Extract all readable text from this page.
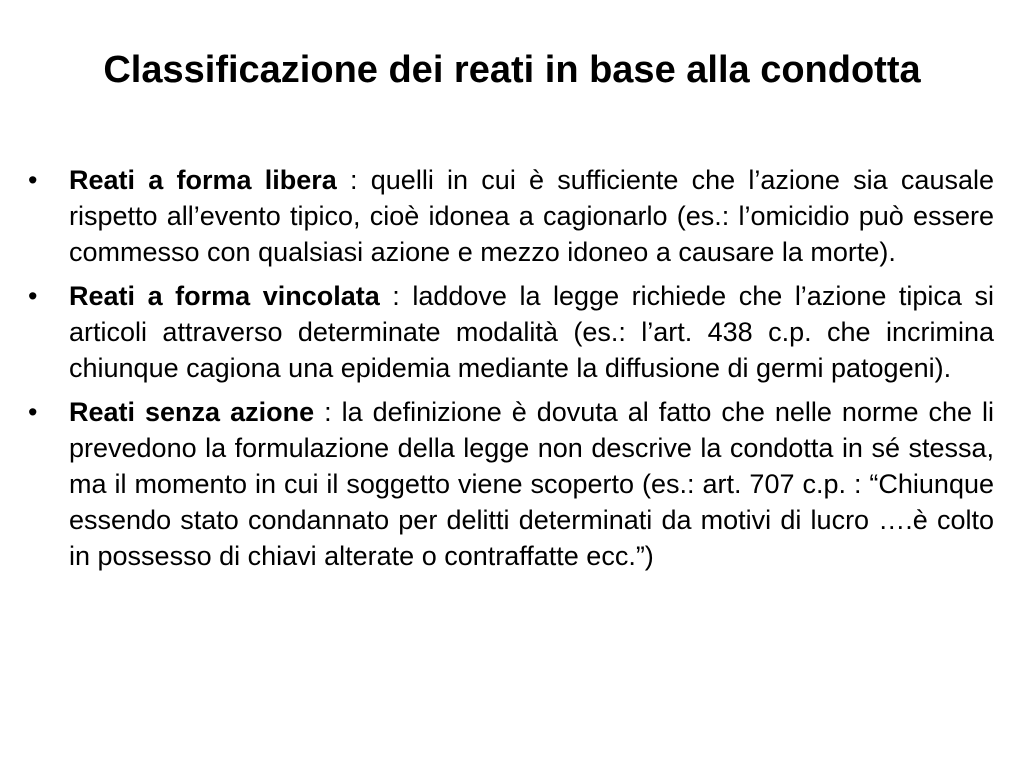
Classificazione dei reati in base alla condotta
•	Reati a forma libera : quelli in cui è sufficiente che l’azione sia causale rispetto all’evento tipico, cioè idonea a cagionarlo (es.: l’omicidio può essere commesso con qualsiasi azione e mezzo idoneo a causare la morte).
•	Reati a forma vincolata : laddove la legge richiede che l’azione tipica si articoli attraverso determinate modalità (es.: l’art. 438 c.p. che incrimina chiunque cagiona una epidemia mediante la diffusione di germi patogeni).
•	Reati senza azione : la definizione è dovuta al fatto che nelle norme che li prevedono la formulazione della legge non descrive la condotta in sé stessa, ma il momento in cui il soggetto viene scoperto (es.: art. 707 c.p. : “Chiunque essendo stato condannato per delitti determinati da motivi di lucro ….è colto in possesso di chiavi alterate o contraffatte ecc.”)
